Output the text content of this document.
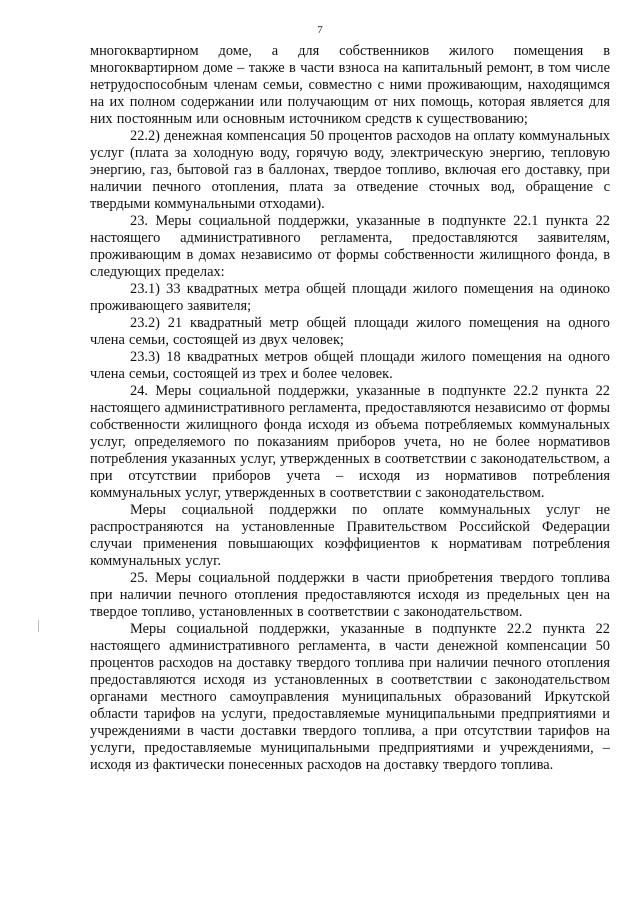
7

многоквартирном доме, а для собственников жилого помещения в многоквартирном доме – также в части взноса на капитальный ремонт, в том числе нетрудоспособным членам семьи, совместно с ними проживающим, находящимся на их полном содержании или получающим от них помощь, которая является для них постоянным или основным источником средств к существованию;

22.2) денежная компенсация 50 процентов расходов на оплату коммунальных услуг (плата за холодную воду, горячую воду, электрическую энергию, тепловую энергию, газ, бытовой газ в баллонах, твердое топливо, включая его доставку, при наличии печного отопления, плата за отведение сточных вод, обращение с твердыми коммунальными отходами).

23. Меры социальной поддержки, указанные в подпункте 22.1 пункта 22 настоящего административного регламента, предоставляются заявителям, проживающим в домах независимо от формы собственности жилищного фонда, в следующих пределах:

23.1) 33 квадратных метра общей площади жилого помещения на одиноко проживающего заявителя;

23.2) 21 квадратный метр общей площади жилого помещения на одного члена семьи, состоящей из двух человек;

23.3) 18 квадратных метров общей площади жилого помещения на одного члена семьи, состоящей из трех и более человек.

24. Меры социальной поддержки, указанные в подпункте 22.2 пункта 22 настоящего административного регламента, предоставляются независимо от формы собственности жилищного фонда исходя из объема потребляемых коммунальных услуг, определяемого по показаниям приборов учета, но не более нормативов потребления указанных услуг, утвержденных в соответствии с законодательством, а при отсутствии приборов учета – исходя из нормативов потребления коммунальных услуг, утвержденных в соответствии с законодательством.

Меры социальной поддержки по оплате коммунальных услуг не распространяются на установленные Правительством Российской Федерации случаи применения повышающих коэффициентов к нормативам потребления коммунальных услуг.

25. Меры социальной поддержки в части приобретения твердого топлива при наличии печного отопления предоставляются исходя из предельных цен на твердое топливо, установленных в соответствии с законодательством.

Меры социальной поддержки, указанные в подпункте 22.2 пункта 22 настоящего административного регламента, в части денежной компенсации 50 процентов расходов на доставку твердого топлива при наличии печного отопления предоставляются исходя из установленных в соответствии с законодательством органами местного самоуправления муниципальных образований Иркутской области тарифов на услуги, предоставляемые муниципальными предприятиями и учреждениями в части доставки твердого топлива, а при отсутствии тарифов на услуги, предоставляемые муниципальными предприятиями и учреждениями, – исходя из фактически понесенных расходов на доставку твердого топлива.
